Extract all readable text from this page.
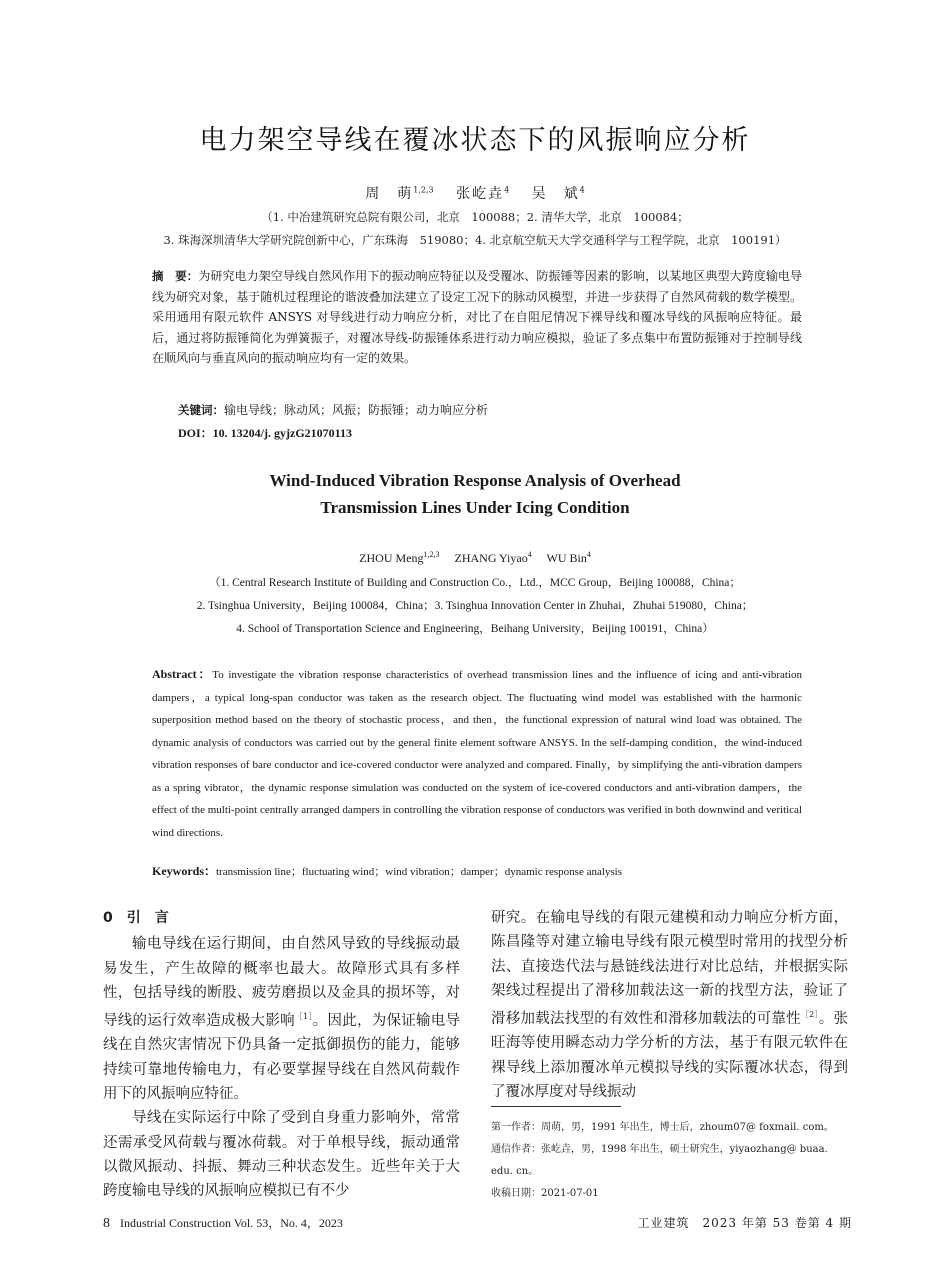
电力架空导线在覆冰状态下的风振响应分析
周　萌$^{1,2,3}$　 张屹垚$^4$　 吴　斌$^4$
（1. 中冶建筑研究总院有限公司，北京　100088；2. 清华大学，北京　100084；
3. 珠海深圳清华大学研究院创新中心，广东珠海　519080；4. 北京航空航天大学交通科学与工程学院，北京　100191）
摘　要：为研究电力架空导线自然风作用下的振动响应特征以及受覆冰、防振锤等因素的影响，以某地区典型大跨度输电导线为研究对象，基于随机过程理论的谐波叠加法建立了设定工况下的脉动风模型，并进一步获得了自然风荷载的数学模型。采用通用有限元软件 ANSYS 对导线进行动力响应分析，对比了在自阻尼情况下裸导线和覆冰导线的风振响应特征。最后，通过将防振锤简化为弹簧振子，对覆冰导线-防振锤体系进行动力响应模拟，验证了多点集中布置防振锤对于控制导线在顺风向与垂直风向的振动响应均有一定的效果。
关键词：输电导线；脉动风；风振；防振锤；动力响应分析
DOI：10. 13204/j. gyjzG21070113
Wind-Induced Vibration Response Analysis of Overhead
Transmission Lines Under Icing Condition
ZHOU Meng$^{1,2,3}$ ZHANG Yiyao$^4$ WU Bin$^4$
（1. Central Research Institute of Building and Construction Co.，Ltd.，MCC Group，Beijing 100088，China；
2. Tsinghua University，Beijing 100084，China；3. Tsinghua Innovation Center in Zhuhai，Zhuhai 519080，China；
4. School of Transportation Science and Engineering，Beihang University，Beijing 100191，China）
Abstract：To investigate the vibration response characteristics of overhead transmission lines and the influence of icing and anti-vibration dampers，a typical long-span conductor was taken as the research object. The fluctuating wind model was established with the harmonic superposition method based on the theory of stochastic process，and then，the functional expression of natural wind load was obtained. The dynamic analysis of conductors was carried out by the general finite element software ANSYS. In the self-damping condition，the wind-induced vibration responses of bare conductor and ice-covered conductor were analyzed and compared. Finally，by simplifying the anti-vibration dampers as a spring vibrator，the dynamic response simulation was conducted on the system of ice-covered conductors and anti-vibration dampers，the effect of the multi-point centrally arranged dampers in controlling the vibration response of conductors was verified in both downwind and veritical wind directions.
Keywords：transmission line；fluctuating wind；wind vibration；damper；dynamic response analysis
0 引　言

输电导线在运行期间，由自然风导致的导线振动最易发生，产生故障的概率也最大。故障形式具有多样性，包括导线的断股、疲劳磨损以及金具的损坏等，对导线的运行效率造成极大影响$^{[1]}$。因此，为保证输电导线在自然灾害情况下仍具备一定抵御损伤的能力，能够持续可靠地传输电力，有必要掌握导线在自然风荷载作用下的风振响应特征。

导线在实际运行中除了受到自身重力影响外，常常还需承受风荷载与覆冰荷载。对于单根导线，振动通常以微风振动、抖振、舞动三种状态发生。近些年关于大跨度输电导线的风振响应模拟已有不少

研究。在输电导线的有限元建模和动力响应分析方面，陈昌隆等对建立输电导线有限元模型时常用的找型分析法、直接迭代法与悬链线法进行对比总结，并根据实际架线过程提出了滑移加载法这一新的找型方法，验证了滑移加载法找型的有效性和滑移加载法的可靠性$^{[2]}$。张旺海等使用瞬态动力学分析的方法，基于有限元软件在裸导线上添加覆冰单元模拟导线的实际覆冰状态，得到了覆冰厚度对导线振动

第一作者：周萌，男，1991 年出生，博士后，zhoum07@ foxmail. com。
通信作者：张屹垚，男，1998 年出生，硕士研究生，yiyaozhang@ buaa. edu. cn。
收稿日期：2021-07-01
8 Industrial Construction Vol. 53，No. 4，2023	工业建筑　2023 年第 53 卷第 4 期
